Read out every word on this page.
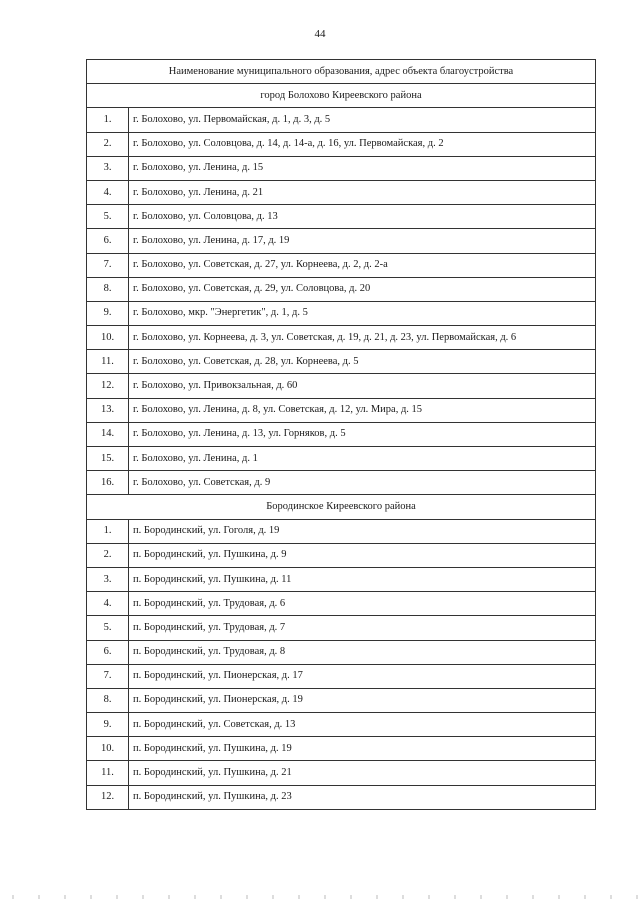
44
Наименование муниципального образования, адрес объекта благоустройства	
город Болохово Киреевского района	
1.	г. Болохово, ул. Первомайская, д. 1, д. 3, д. 5
2.	г. Болохово, ул. Соловцова, д. 14, д. 14-а, д. 16, ул. Первомайская, д. 2
3.	г. Болохово, ул. Ленина, д. 15
4.	г. Болохово, ул. Ленина, д. 21
5.	г. Болохово, ул. Соловцова, д. 13
6.	г. Болохово, ул. Ленина, д. 17, д. 19
7.	г. Болохово, ул. Советская, д. 27, ул. Корнеева, д. 2, д. 2-а
8.	г. Болохово, ул. Советская, д. 29, ул. Соловцова, д. 20
9.	г. Болохово, мкр. "Энергетик", д. 1, д. 5
10.	г. Болохово, ул. Корнеева, д. 3, ул. Советская, д. 19, д. 21, д. 23, ул. Первомайская, д. 6
11.	г. Болохово, ул. Советская, д. 28, ул. Корнеева, д. 5
12.	г. Болохово, ул. Привокзальная, д. 60
13.	г. Болохово, ул. Ленина, д. 8, ул. Советская, д. 12, ул. Мира, д. 15
14.	г. Болохово, ул. Ленина, д. 13, ул. Горняков, д. 5
15.	г. Болохово, ул. Ленина, д. 1
16.	г. Болохово, ул. Советская, д. 9
Бородинское Киреевского района	
1.	п. Бородинский, ул. Гоголя, д. 19
2.	п. Бородинский, ул. Пушкина, д. 9
3.	п. Бородинский, ул. Пушкина, д. 11
4.	п. Бородинский, ул. Трудовая, д. 6
5.	п. Бородинский, ул. Трудовая, д. 7
6.	п. Бородинский, ул. Трудовая, д. 8
7.	п. Бородинский, ул. Пионерская, д. 17
8.	п. Бородинский, ул. Пионерская, д. 19
9.	п. Бородинский, ул. Советская, д. 13
10.	п. Бородинский, ул. Пушкина, д. 19
11.	п. Бородинский, ул. Пушкина, д. 21
12.	п. Бородинский, ул. Пушкина, д. 23
